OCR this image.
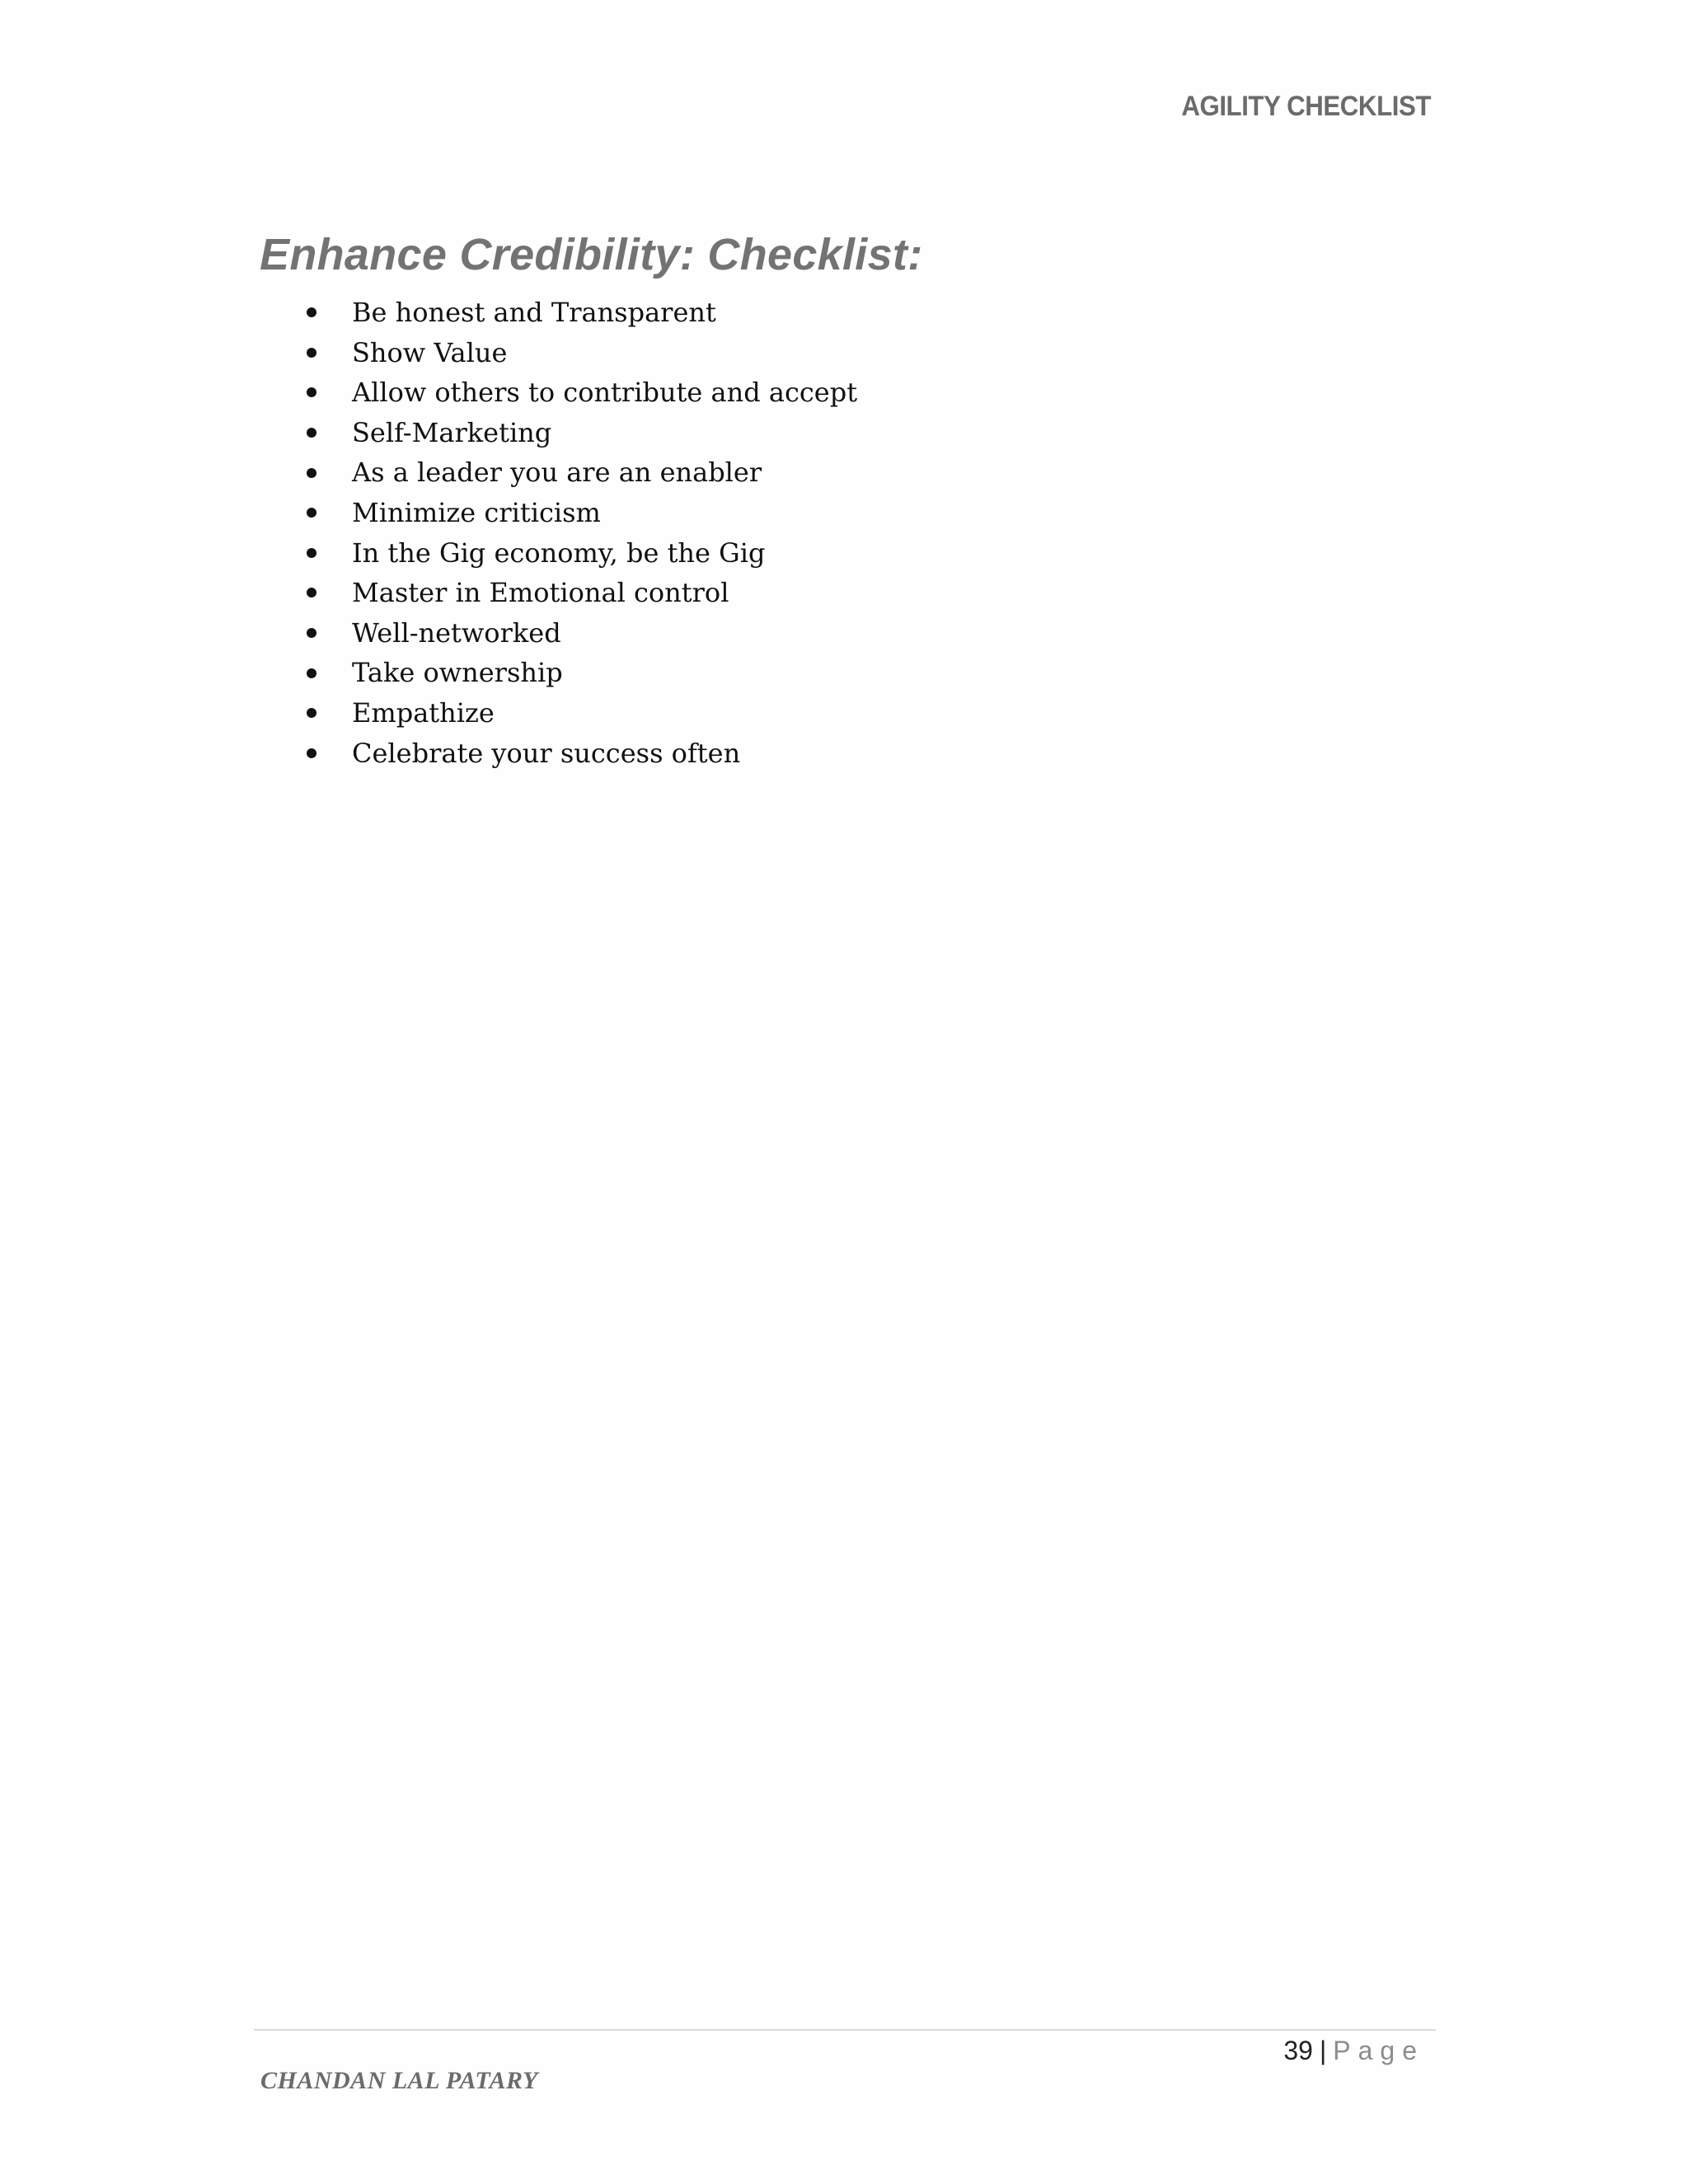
AGILITY CHECKLIST
Enhance Credibility: Checklist:
Be honest and Transparent
Show Value
Allow others to contribute and accept
Self-Marketing
As a leader you are an enabler
Minimize criticism
In the Gig economy, be the Gig
Master in Emotional control
Well-networked
Take ownership
Empathize
Celebrate your success often
39 | Page
CHANDAN LAL PATARY
